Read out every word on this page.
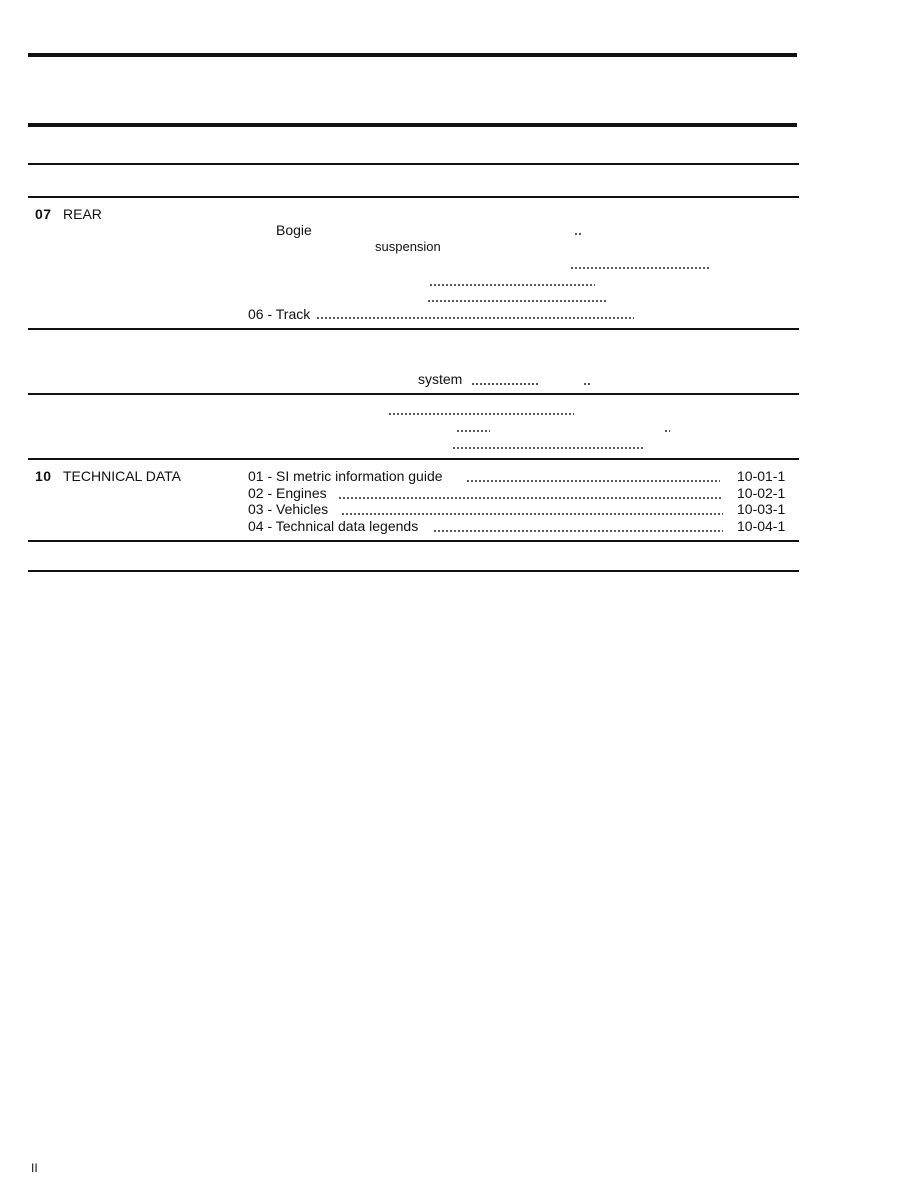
07 REAR
Bogie
suspension
06 - Track
system
10 TECHNICAL DATA	01 - SI metric information guide	10-01-1
02 - Engines	10-02-1
03 - Vehicles	10-03-1
04 - Technical data legends	10-04-1
II
